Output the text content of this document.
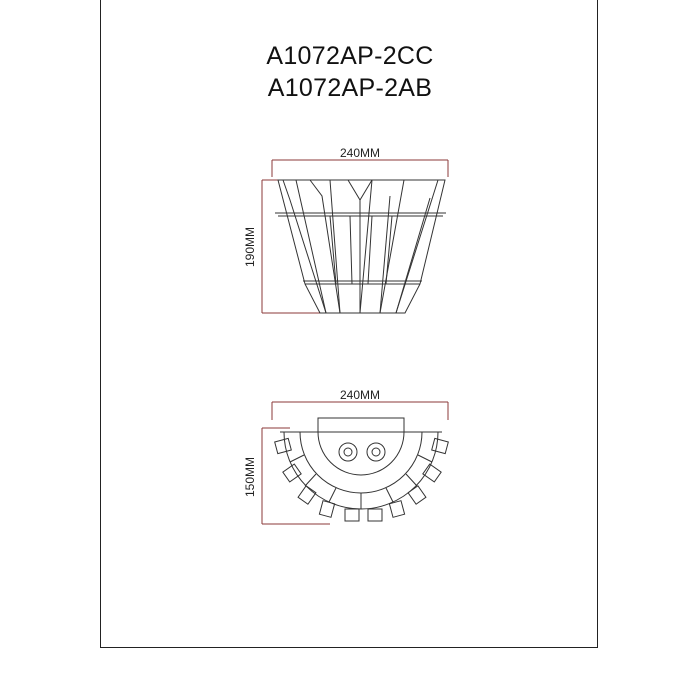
A1072AP-2CC
A1072AP-2AB
240MM
190MM
240MM
150MM
